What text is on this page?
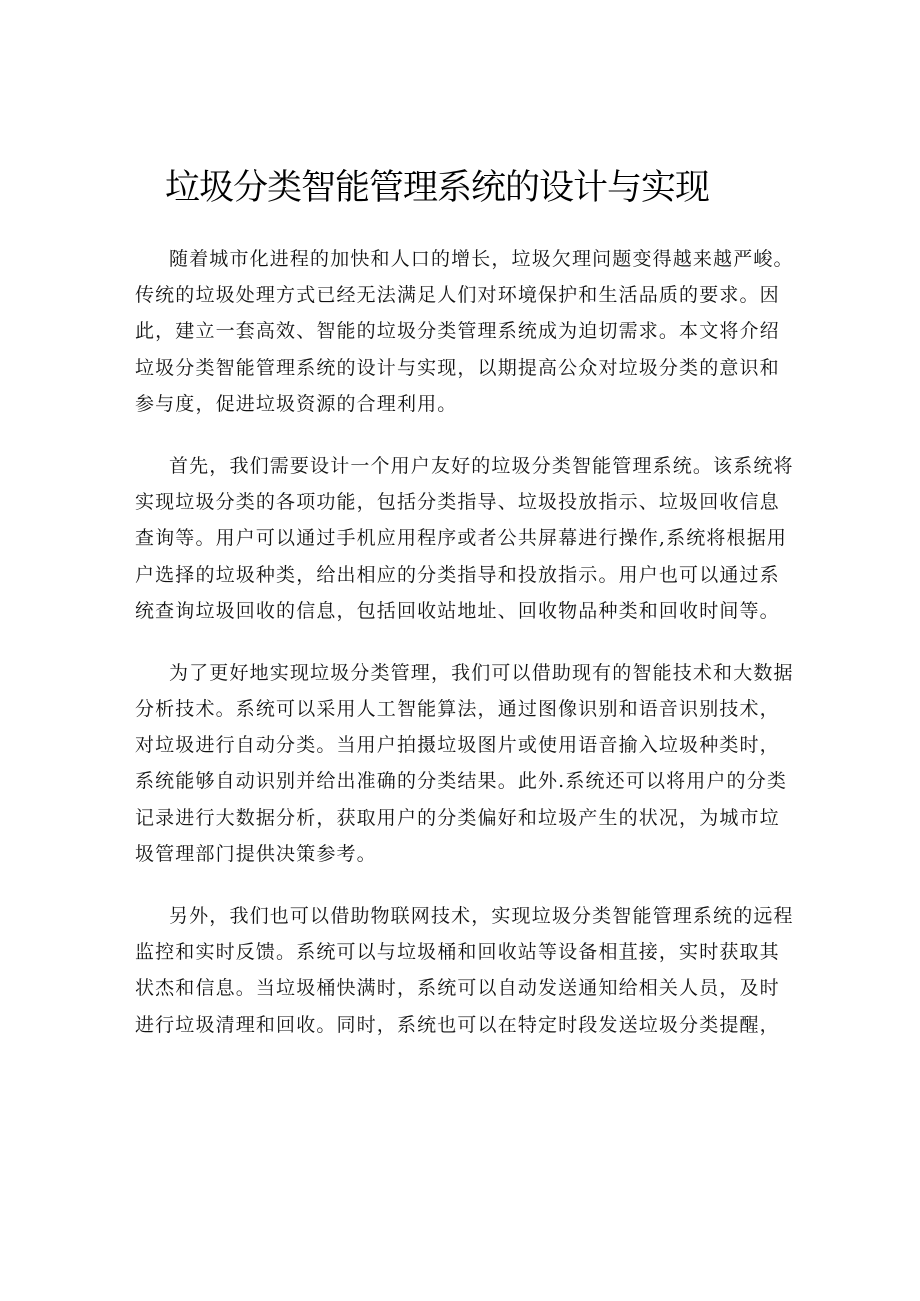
垃圾分类智能管理系统的设计与实现

随着城市化进程的加快和人口的增长，垃圾欠理问题变得越来越严峻。
传统的垃圾处理方式已经无法满足人们对环境保护和生活品质的要求。因
此，建立一套高效、智能的垃圾分类管理系统成为迫切需求。本文将介绍
垃圾分类智能管理系统的设计与实现，以期提高公众对垃圾分类的意识和
参与度，促进垃圾资源的合理利用。

首先，我们需要设计一个用户友好的垃圾分类智能管理系统。该系统将
实现垃圾分类的各项功能，包括分类指导、垃圾投放指示、垃圾回收信息
查询等。用户可以通过手机应用程序或者公共屏幕进行操作,系统将根据用
户选择的垃圾种类，给出相应的分类指导和投放指示。用户也可以通过系
统查询垃圾回收的信息，包括回收站地址、回收物品种类和回收时间等。

为了更好地实现垃圾分类管理，我们可以借助现有的智能技术和大数据
分析技术。系统可以采用人工智能算法，通过图像识别和语音识别技术，
对垃圾进行自动分类。当用户拍摄垃圾图片或使用语音揄入垃圾种类时，
系统能够自动识别并给出准确的分类结果。此外.系统还可以将用户的分类
记录进行大数据分析，获取用户的分类偏好和垃圾产生的状况，为城市垃
圾管理部门提供决策参考。

另外，我们也可以借助物联网技术，实现垃圾分类智能管理系统的远程
监控和实时反馈。系统可以与垃圾桶和回收站等设备相苴接，实时获取其
状杰和信息。当垃圾桶快满时，系统可以自动发送通知给相关人员，及时
进行垃圾清理和回收。同时，系统也可以在特定时段发送垃圾分类提醒，
